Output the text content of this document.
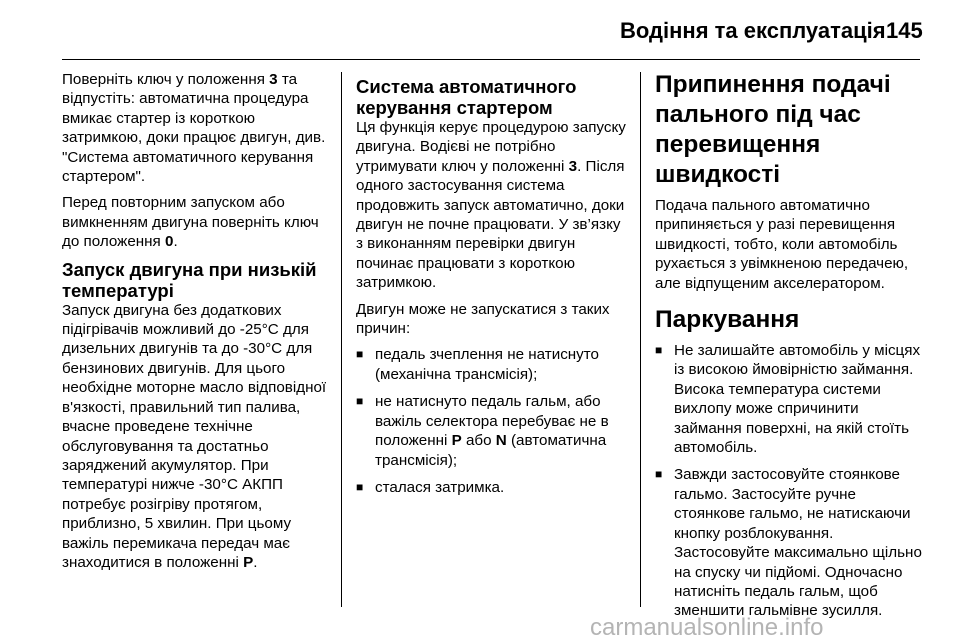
Водіння та експлуатація 145

Поверніть ключ у положення 3 та відпустіть: автоматична процедура вмикає стартер із короткою затримкою, доки працює двигун, див. "Система автоматичного керування стартером".

Перед повторним запуском або вимкненням двигуна поверніть ключ до положення 0.

Запуск двигуна при низькій температурі

Запуск двигуна без додаткових підігрівачів можливий до -25°C для дизельних двигунів та до -30°C для бензинових двигунів. Для цього необхідне моторне масло відповідної в'язкості, правильний тип палива, вчасне проведене технічне обслуговування та достатньо заряджений акумулятор. При температурі нижче -30°C АКПП потребує розігріву протягом, приблизно, 5 хвилин. При цьому важіль перемикача передач має знаходитися в положенні P.

Система автоматичного керування стартером

Ця функція керує процедурою запуску двигуна. Водієві не потрібно утримувати ключ у положенні 3. Після одного застосування система продовжить запуск автоматично, доки двигун не почне працювати. У зв’язку з виконанням перевірки двигун починає працювати з короткою затримкою.

Двигун може не запускатися з таких причин:

■ педаль зчеплення не натиснуто (механічна трансмісія);
■ не натиснуто педаль гальм, або важіль селектора перебуває не в положенні P або N (автоматична трансмісія);
■ сталася затримка.
Припинення подачі пального під час перевищення швидкості

Подача пального автоматично припиняється у разі перевищення швидкості, тобто, коли автомобіль рухається з увімкненою передачею, але відпущеним акселератором.

Паркування
■ Не залишайте автомобіль у місцях із високою ймовірністю займання. Висока температура системи вихлопу може спричинити займання поверхні, на якій стоїть автомобіль.
■ Завжди застосовуйте стоянкове гальмо. Застосуйте ручне стоянкове гальмо, не натискаючи кнопку розблокування. Застосовуйте максимально щільно на спуску чи підйомі. Одночасно натисніть педаль гальм, щоб зменшити гальмівне зусилля.
carmanualsonline.info
